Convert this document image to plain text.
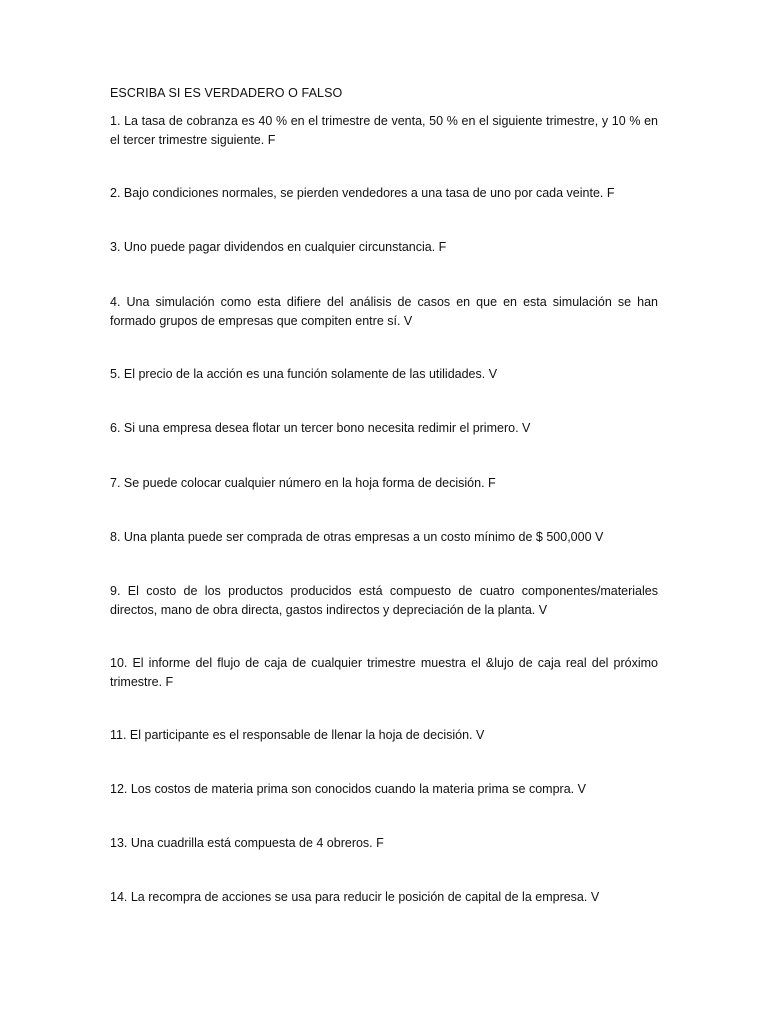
ESCRIBA SI ES VERDADERO O FALSO

1. La tasa de cobranza es 40 % en el trimestre de venta, 50 % en el siguiente trimestre, y 10 % en el tercer trimestre siguiente. F

2. Bajo condiciones normales, se pierden vendedores a una tasa de uno por cada veinte. F

3. Uno puede pagar dividendos en cualquier circunstancia. F

4. Una simulación como esta difiere del análisis de casos en que en esta simulación se han formado grupos de empresas que compiten entre sí. V

5. El precio de la acción es una función solamente de las utilidades. V

6. Si una empresa desea flotar un tercer bono necesita redimir el primero. V

7. Se puede colocar cualquier número en la hoja forma de decisión. F

8. Una planta puede ser comprada de otras empresas a un costo mínimo de $ 500,000 V

9. El costo de los productos producidos está compuesto de cuatro componentes/materiales directos, mano de obra directa, gastos indirectos y depreciación de la planta. V

10. El informe del flujo de caja de cualquier trimestre muestra el &lujo de caja real del próximo trimestre. F

11. El participante es el responsable de llenar la hoja de decisión. V

12. Los costos de materia prima son conocidos cuando la materia prima se compra. V

13. Una cuadrilla está compuesta de 4 obreros. F

14. La recompra de acciones se usa para reducir le posición de capital de la empresa. V
